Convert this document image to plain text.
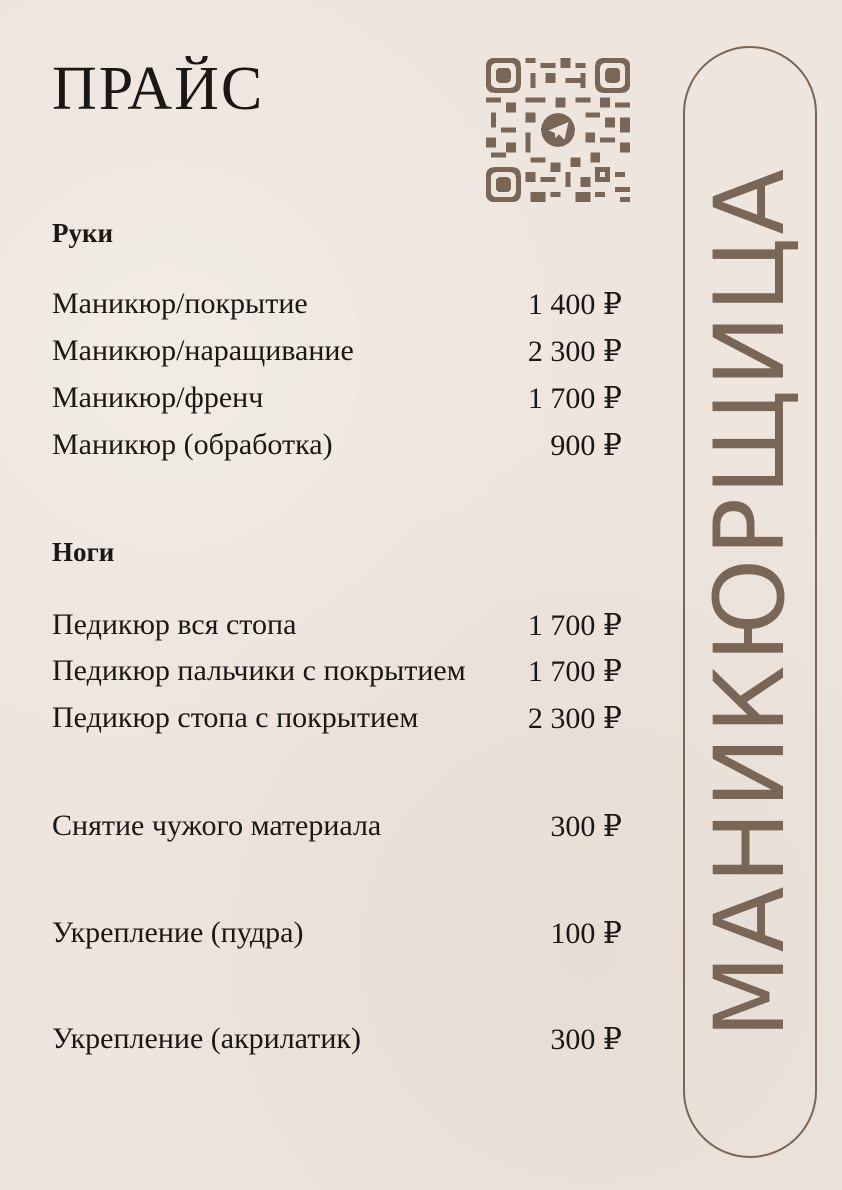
ПРАЙС
Руки
Маникюр/покрытие	1 400 ₽
Маникюр/наращивание	2 300 ₽
Маникюр/френч	1 700 ₽
Маникюр (обработка)	900 ₽
Ноги
Педикюр вся стопа	1 700 ₽
Педикюр пальчики с покрытием 1 700 ₽
Педикюр стопа с покрытием	2 300 ₽
Снятие чужого материала	300 ₽
Укрепление (пудра)	100 ₽
Укрепление (акрилатик)	300 ₽
МАНИКЮРЩИЦА
